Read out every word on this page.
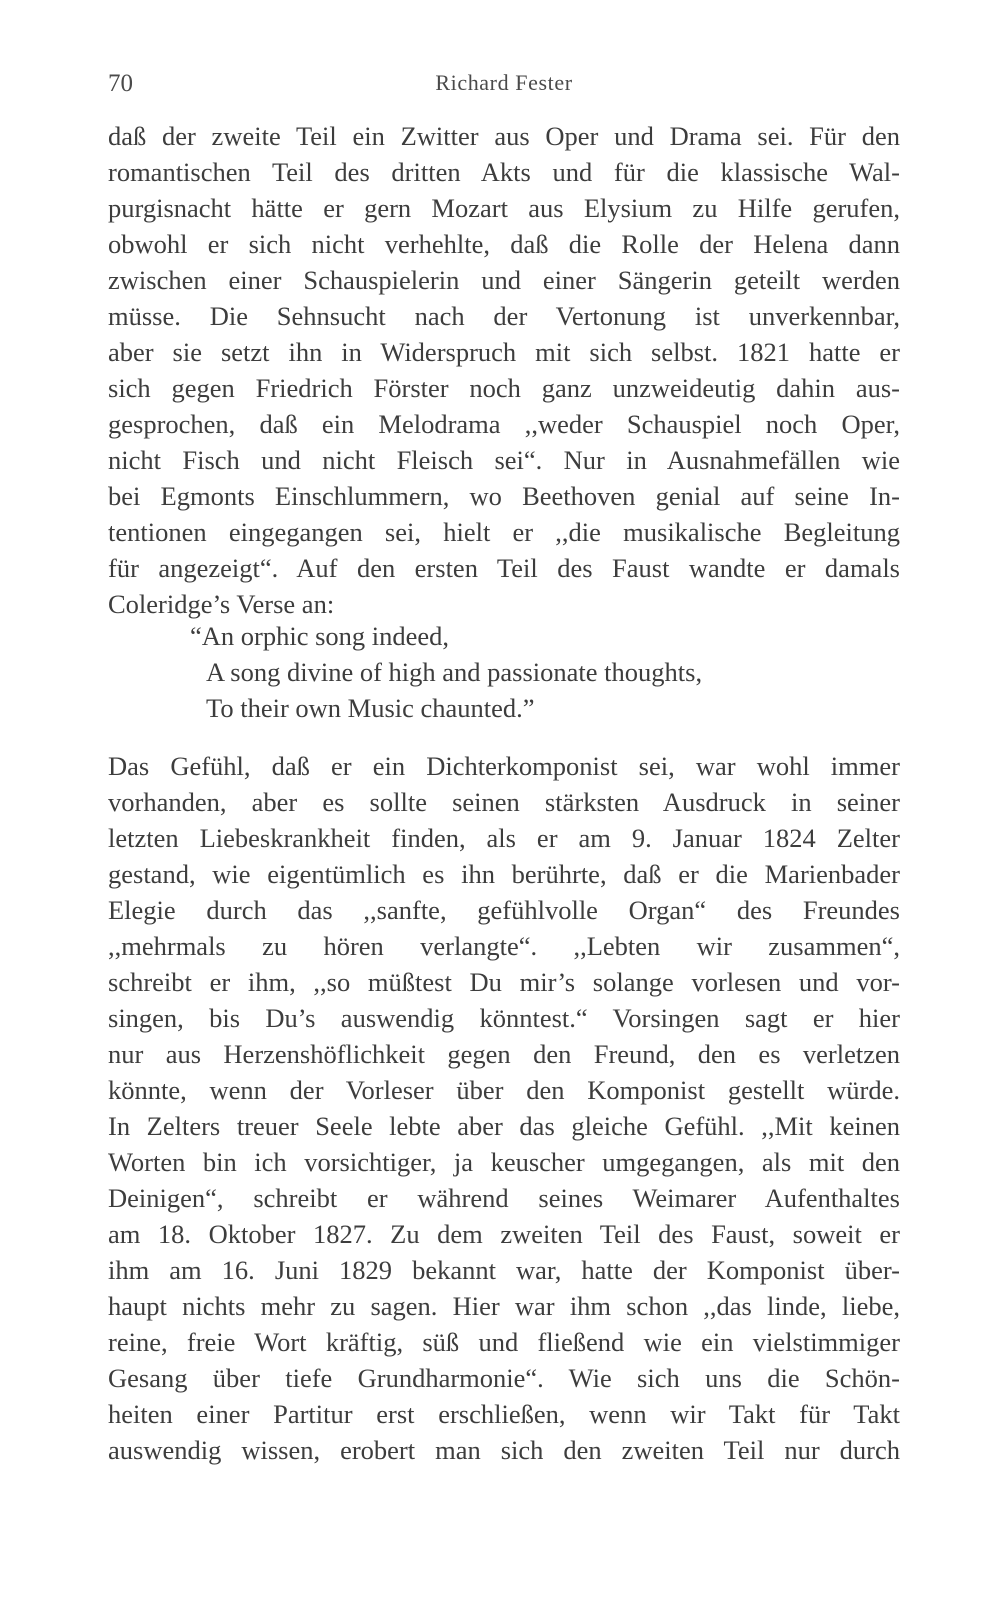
70	Richard Fester
daß der zweite Teil ein Zwitter aus Oper und Drama sei. Für den
romantischen Teil des dritten Akts und für die klassische Wal-
purgisnacht hätte er gern Mozart aus Elysium zu Hilfe gerufen,
obwohl er sich nicht verhehlte, daß die Rolle der Helena dann
zwischen einer Schauspielerin und einer Sängerin geteilt werden
müsse. Die Sehnsucht nach der Vertonung ist unverkennbar,
aber sie setzt ihn in Widerspruch mit sich selbst. 1821 hatte er
sich gegen Friedrich Förster noch ganz unzweideutig dahin aus-
gesprochen, daß ein Melodrama ,,weder Schauspiel noch Oper,
nicht Fisch und nicht Fleisch sei“. Nur in Ausnahmefällen wie
bei Egmonts Einschlummern, wo Beethoven genial auf seine In-
tentionen eingegangen sei, hielt er ,,die musikalische Begleitung
für angezeigt“. Auf den ersten Teil des Faust wandte er damals
Coleridge’s Verse an:
“An orphic song indeed,
A song divine of high and passionate thoughts,
To their own Music chaunted.”
Das Gefühl, daß er ein Dichterkomponist sei, war wohl immer
vorhanden, aber es sollte seinen stärksten Ausdruck in seiner
letzten Liebeskrankheit finden, als er am 9. Januar 1824 Zelter
gestand, wie eigentümlich es ihn berührte, daß er die Marienbader
Elegie durch das ,,sanfte, gefühlvolle Organ“ des Freundes
,,mehrmals zu hören verlangte“. ,,Lebten wir zusammen“,
schreibt er ihm, ,,so müßtest Du mir’s solange vorlesen und vor-
singen, bis Du’s auswendig könntest.“ Vorsingen sagt er hier
nur aus Herzenshöflichkeit gegen den Freund, den es verletzen
könnte, wenn der Vorleser über den Komponist gestellt würde.
In Zelters treuer Seele lebte aber das gleiche Gefühl. ,,Mit keinen
Worten bin ich vorsichtiger, ja keuscher umgegangen, als mit den
Deinigen“, schreibt er während seines Weimarer Aufenthaltes
am 18. Oktober 1827. Zu dem zweiten Teil des Faust, soweit er
ihm am 16. Juni 1829 bekannt war, hatte der Komponist über-
haupt nichts mehr zu sagen. Hier war ihm schon ,,das linde, liebe,
reine, freie Wort kräftig, süß und fließend wie ein vielstimmiger
Gesang über tiefe Grundharmonie“. Wie sich uns die Schön-
heiten einer Partitur erst erschließen, wenn wir Takt für Takt
auswendig wissen, erobert man sich den zweiten Teil nur durch
